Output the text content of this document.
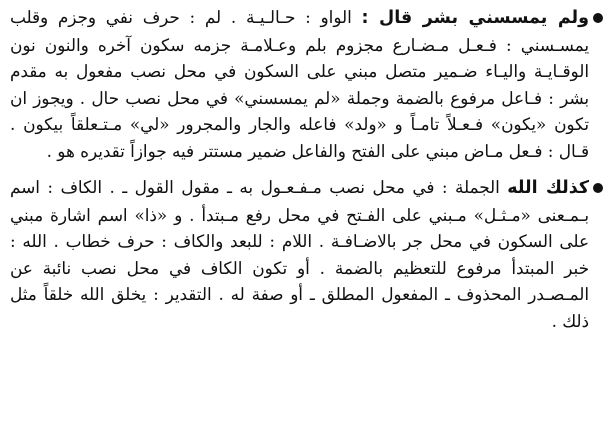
ولم يمسسني بشر قال : الواو : حـالـيـة . لم : حرف نفي وجزم وقلب يمسـسني : فـعـل مـضـارع مجزوم بلم وعـلامـة جزمه سكون آخره والنون نون الوقـايـة واليـاء ضـمير متصل مبني على السكون في محل نصب مفعول به مقدم بشر : فـاعل مرفوع بالضمة وجملة «لم يمسسني» في محل نصب حال . ويجوز ان تكون «يكون» فـعـلاً تامـاً و «ولد» فاعله والجار والمجرور «لي» مـتـعلقاً بيكون . قـال : فـعل مـاض مبني على الفتح والفاعل ضمير مستتر فيه جوازاً تقديره هو .

كذلك الله الجملة : في محل نصب مـفـعـول به ـ مقول القول ـ . الكاف : اسم بـمـعنى «مـثـل» مـبني على الفـتح في محل رفع مـبتدأ . و «ذا» اسم اشارة مبني على السكون في محل جر بالاضـافـة . اللام : للبعد والكاف : حرف خطاب . الله : خبر المبتدأ مرفوع للتعظيم بالضمة . أو تكون الكاف في محل نصب نائبة عن المـصـدر المحذوف ـ المفعول المطلق ـ أو صفة له . التقدير : يخلق الله خلقاً مثل ذلك .
